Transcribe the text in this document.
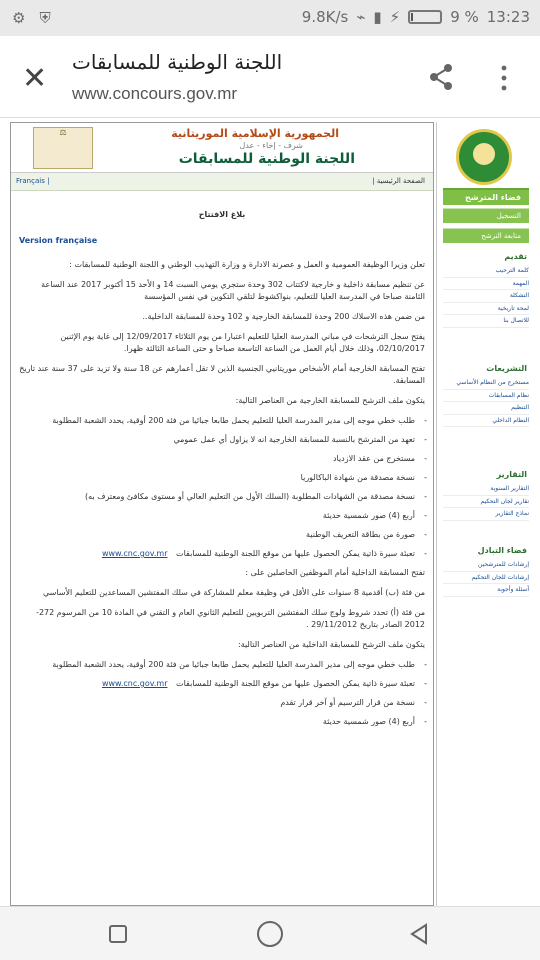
⚙ ⛨	9.8K/s ⌁ ▮ ⚡	9 % 13:23
✕ اللجنة الوطنية للمسابقات
www.concours.gov.mr
⚖	الجمهورية الإسلامية الموريتانية
شرف - إخاء - عدل
اللجنة الوطنية للمسابقات
الصفحة الرئيسية |
Français |
بلاغ الافتتاح
Version française

تعلن وزيرا الوظيفة العمومية و العمل و عصرنة الادارة و وزارة التهذيب الوطني و اللجنة الوطنية للمسابقات :

عن تنظيم مسابقة داخلية و خارجية لاكتتاب 302 وحدة ستجري يومي السبت 14 و الأحد 15 أكتوبر 2017 عند الساعة الثامنة صباحا في المدرسة العليا للتعليم، بنواكشوط لتلقي التكوين في نفس المؤسسة

من ضمن هذه الاسلاك 200 وحدة للمسابقة الخارجية و 102 وحدة للمسابقة الداخلية..

يفتح سجل الترشحات في مباني المدرسة العليا للتعليم اعتبارا من يوم الثلاثاء 12/09/2017 إلى غاية يوم الإثنين 02/10/2017، وذلك خلال أيام العمل من الساعة التاسعة صباحا و حتى الساعة الثالثة ظهرا.

تفتح المسابقة الخارجية أمام الأشخاص موريتانيي الجنسية الذين لا تقل أعمارهم عن 18 سنة ولا تزيد على 37 سنة عند تاريخ المسابقة.

يتكون ملف الترشح للمسابقة الخارجية من العناصر التالية:

- طلب خطي موجه إلى مدير المدرسة العليا للتعليم يحمل طابعا جبائيا من فئة 200 أوقية، يحدد الشعبة المطلوبة
- تعهد من المترشح بالنسبة للمسابقة الخارجية انه لا يزاول أي عمل عمومي
- مستخرج من عقد الازدياد
- نسخة مصدقة من شهادة الباكالوريا
- نسخة مصدقة من الشهادات المطلوبة (السلك الأول من التعليم العالي أو مستوى مكافئ ومعترف به)
- أربع (4) صور شمسية حديثة
- صورة من بطاقة التعريف الوطنية
- تعبئة سيرة ذاتية يمكن الحصول عليها من موقع اللجنة الوطنية للمسابقات www.cnc.gov.mr

تفتح المسابقة الداخلية أمام الموظفين الحاصلين على :

من فئة (ب) أقدمية 8 سنوات على الأقل في وظيفة معلم للمشاركة في سلك المفتشين المساعدين للتعليم الأساسي

من فئة (أ) تحدد شروط ولوج سلك المفتشين التربويين للتعليم الثانوي العام و التقني في المادة 10 من المرسوم 272-2012 الصادر بتاريخ 29/11/2012 .

يتكون ملف الترشح للمسابقة الداخلية من العناصر التالية:

- طلب خطي موجه إلى مدير المدرسة العليا للتعليم يحمل طابعا جبائيا من فئة 200 أوقية، يحدد الشعبة المطلوبة
- تعبئة سيرة ذاتية يمكن الحصول عليها من موقع اللجنة الوطنية للمسابقات www.cnc.gov.mr
- نسخة من قرار الترسيم أو آخر قرار تقدم
- أربع (4) صور شمسية حديثة
فضاء المترشح
التسجيل
متابعة الترشح
تقديم
كلمة الترحيب
المهمة
التشكلة
لمحة تاريخية
للاتصال بنا
التشريعات
مستخرج من النظام الأساسي
نظام المسابقات
التنظيم
النظام الداخلي
التقارير
التقارير السنوية
تقارير لجان التحكيم
نماذج التقارير
فضاء التبادل
إرشادات للمترشحين
إرشادات للجان التحكيم
أسئلة وأجوبة
